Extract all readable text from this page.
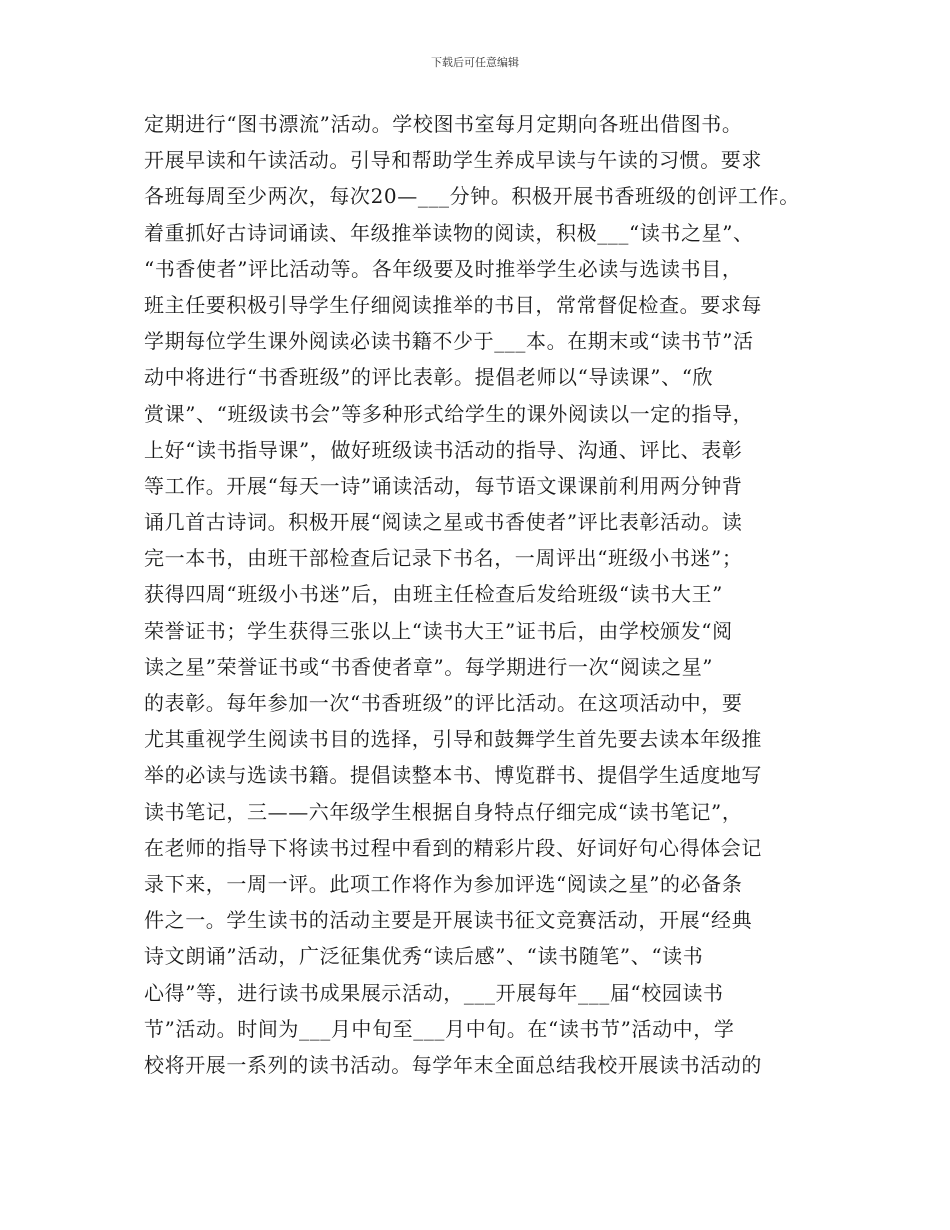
下载后可任意编辑
定期进行“图书漂流”活动。学校图书室每月定期向各班出借图书。
开展早读和午读活动。引导和帮助学生养成早读与午读的习惯。要求
各班每周至少两次，每次20—___分钟。积极开展书香班级的创评工作。
着重抓好古诗词诵读、年级推举读物的阅读，积极___“读书之星”、
“书香使者”评比活动等。各年级要及时推举学生必读与选读书目，
班主任要积极引导学生仔细阅读推举的书目，常常督促检查。要求每
学期每位学生课外阅读必读书籍不少于___本。在期末或“读书节”活
动中将进行“书香班级”的评比表彰。提倡老师以“导读课”、“欣
赏课”、“班级读书会”等多种形式给学生的课外阅读以一定的指导，
上好“读书指导课”，做好班级读书活动的指导、沟通、评比、表彰
等工作。开展“每天一诗”诵读活动，每节语文课课前利用两分钟背
诵几首古诗词。积极开展“阅读之星或书香使者”评比表彰活动。读
完一本书，由班干部检查后记录下书名，一周评出“班级小书迷”；
获得四周“班级小书迷”后，由班主任检查后发给班级“读书大王”
荣誉证书；学生获得三张以上“读书大王”证书后，由学校颁发“阅
读之星”荣誉证书或“书香使者章”。每学期进行一次“阅读之星”
的表彰。每年参加一次“书香班级”的评比活动。在这项活动中，要
尤其重视学生阅读书目的选择，引导和鼓舞学生首先要去读本年级推
举的必读与选读书籍。提倡读整本书、博览群书、提倡学生适度地写
读书笔记，三——六年级学生根据自身特点仔细完成“读书笔记”，
在老师的指导下将读书过程中看到的精彩片段、好词好句心得体会记
录下来，一周一评。此项工作将作为参加评选“阅读之星”的必备条
件之一。学生读书的活动主要是开展读书征文竞赛活动，开展“经典
诗文朗诵”活动，广泛征集优秀“读后感”、“读书随笔”、“读书
心得”等，进行读书成果展示活动，___开展每年___届“校园读书
节”活动。时间为___月中旬至___月中旬。在“读书节”活动中，学
校将开展一系列的读书活动。每学年末全面总结我校开展读书活动的
